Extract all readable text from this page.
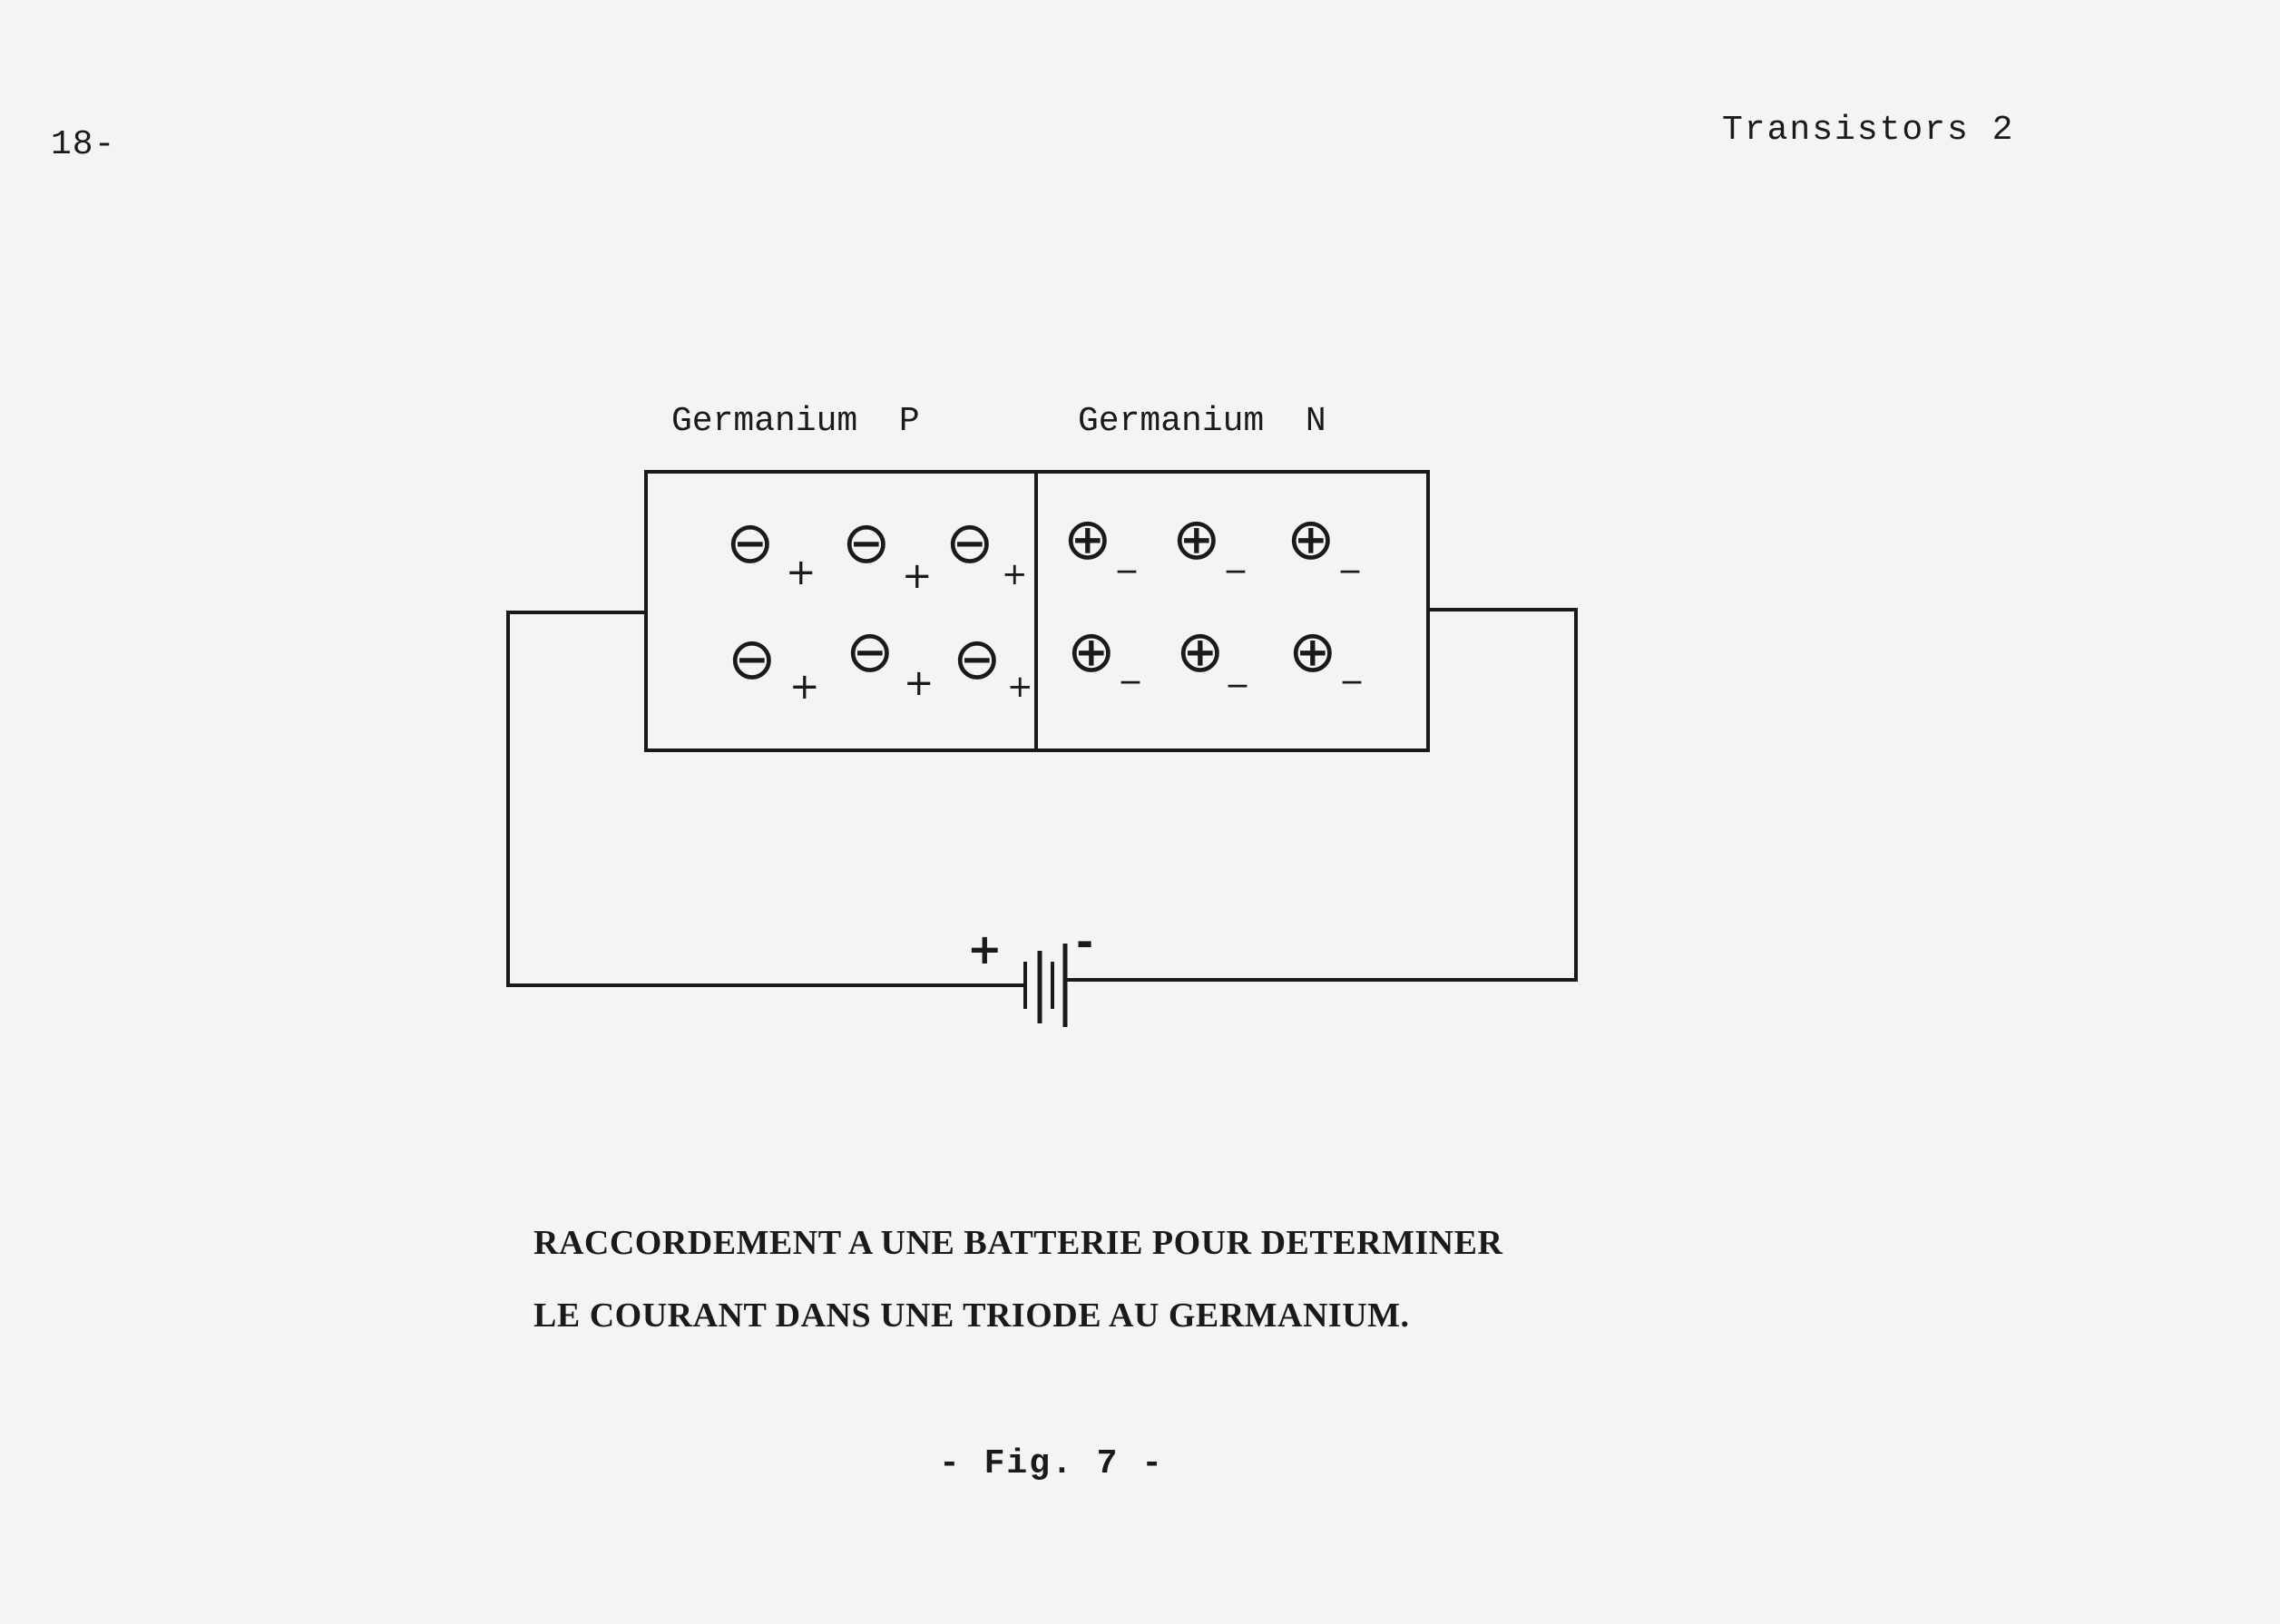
18-	Transistors 2
Germanium  P	Germanium  N
+ -
⊖ + ⊖ + ⊖ +
⊖ +
⊖ + ⊖ +
⊕ _ ⊕ _ ⊕ _
⊕ _ ⊕ _ ⊕ _
RACCORDEMENT A UNE BATTERIE POUR DETERMINER
LE COURANT DANS UNE TRIODE AU GERMANIUM.
- Fig. 7 -
